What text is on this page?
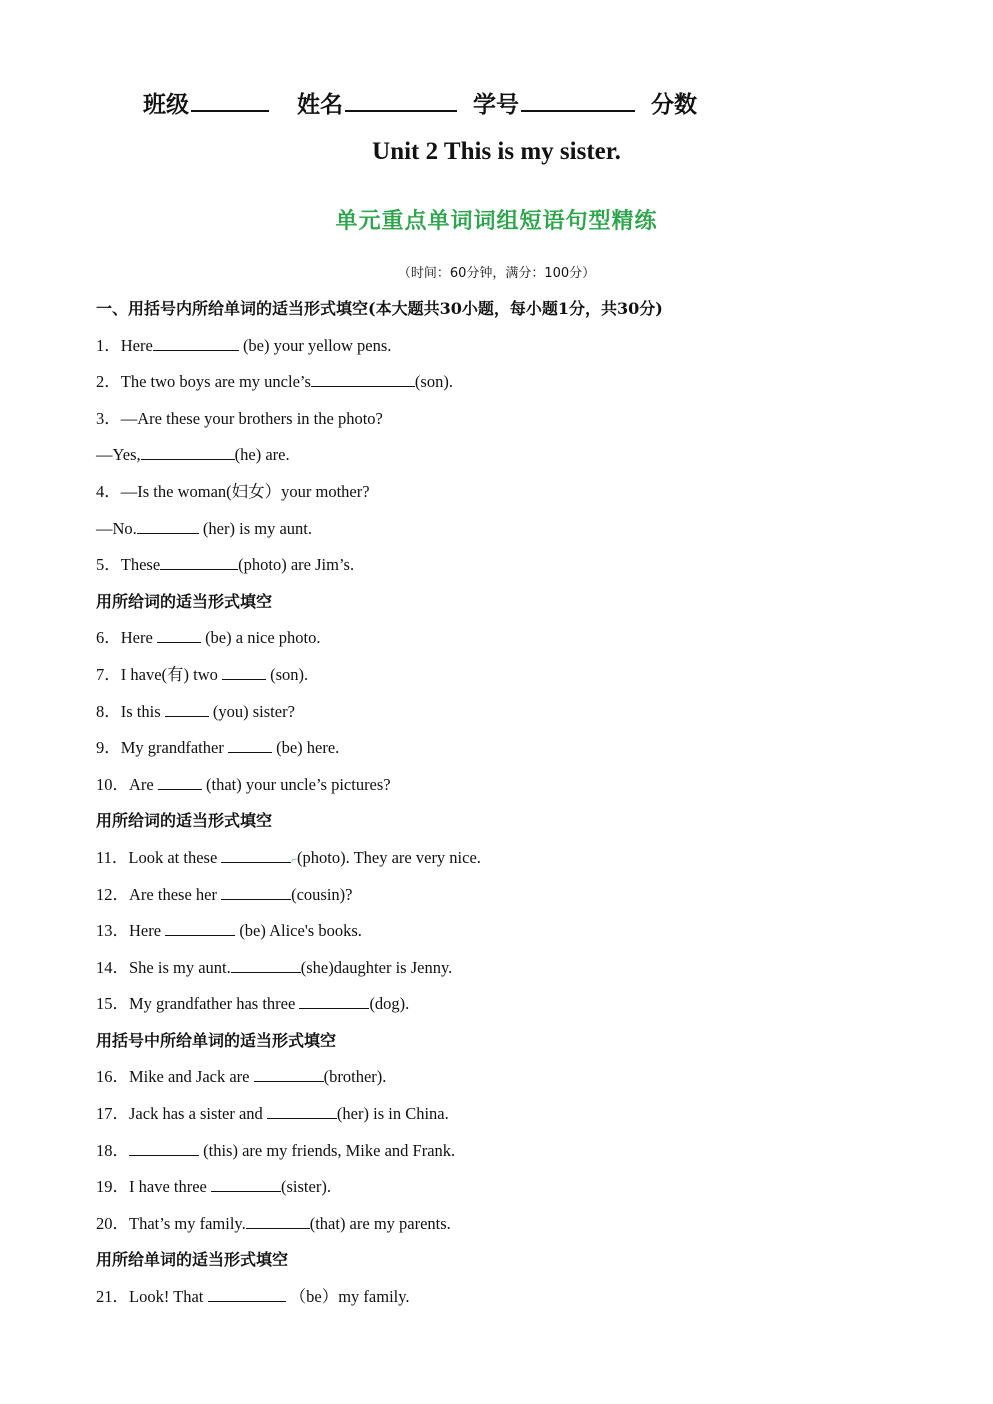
班级	姓名	学号	分数
Unit 2 This is my sister.
单元重点单词词组短语句型精练
（时间：60分钟，满分：100分）
一、用括号内所给单词的适当形式填空(本大题共30小题，每小题1分，共30分)
1．Here	(be) your yellow pens.
2．The two boys are my uncle’s	(son).
3．—Are these your brothers in the photo?
—Yes,	(he) are.
4．—Is the woman(妇女）your mother?
—No.	(her) is my aunt.
5．These	(photo) are Jim’s.
用所给词的适当形式填空
6．Here	(be) a nice photo.
7．I have(有) two	(son).
8．Is this	(you) sister?
9．My grandfather	(be) here.
10．Are	(that) your uncle’s pictures?
用所给词的适当形式填空
11．Look at these	⌐(photo). They are very nice.
12．Are these her	(cousin)?
13．Here	(be) Alice's books.
14．She is my aunt.	(she)daughter is Jenny.
15．My grandfather has three	(dog).
用括号中所给单词的适当形式填空
16．Mike and Jack are	(brother).
17．Jack has a sister and	(her) is in China.
18．	(this) are my friends, Mike and Frank.
19．I have three	(sister).
20．That’s my family.	(that) are my parents.
用所给单词的适当形式填空
21．Look! That	（be）my family.
